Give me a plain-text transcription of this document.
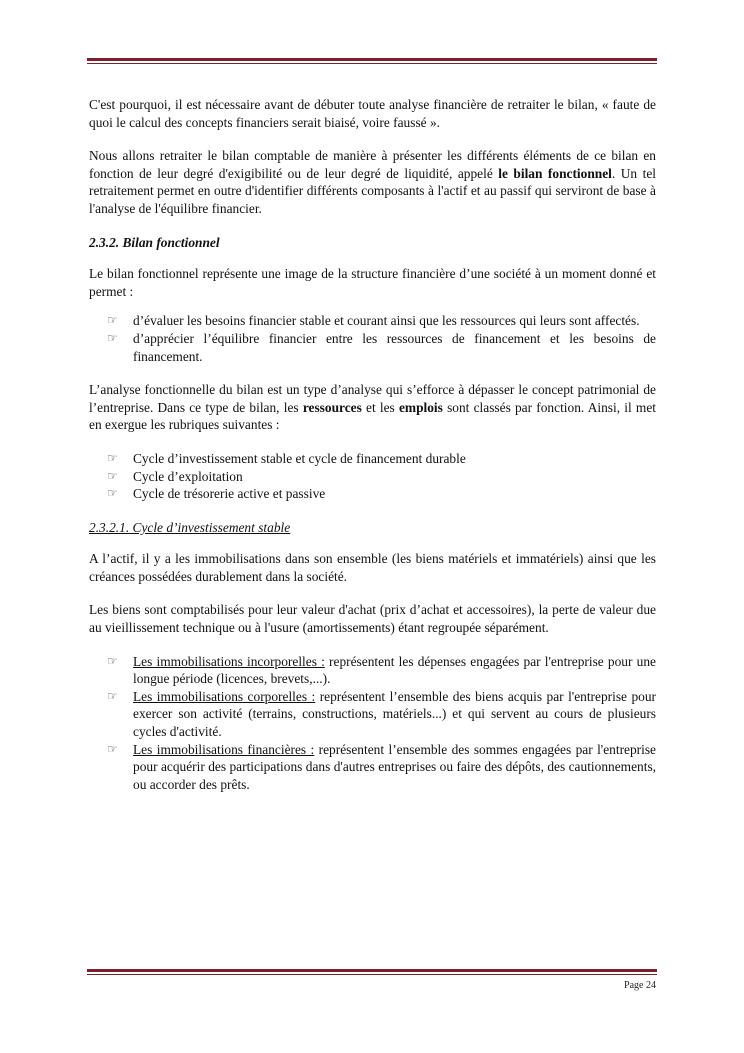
C'est pourquoi, il est nécessaire avant de débuter toute analyse financière de retraiter le bilan, « faute de quoi le calcul des concepts financiers serait biaisé, voire faussé ».

Nous allons retraiter le bilan comptable de manière à présenter les différents éléments de ce bilan en fonction de leur degré d'exigibilité ou de leur degré de liquidité, appelé le bilan fonctionnel. Un tel retraitement permet en outre d'identifier différents composants à l'actif et au passif qui serviront de base à l'analyse de l'équilibre financier.

2.3.2. Bilan fonctionnel

Le bilan fonctionnel représente une image de la structure financière d’une société à un moment donné et permet :

☞ d’évaluer les besoins financier stable et courant ainsi que les ressources qui leurs sont affectés.
☞ d’apprécier l’équilibre financier entre les ressources de financement et les besoins de financement.

L’analyse fonctionnelle du bilan est un type d’analyse qui s’efforce à dépasser le concept patrimonial de l’entreprise. Dans ce type de bilan, les ressources et les emplois sont classés par fonction. Ainsi, il met en exergue les rubriques suivantes :

☞ Cycle d’investissement stable et cycle de financement durable
☞ Cycle d’exploitation
☞ Cycle de trésorerie active et passive
2.3.2.1. Cycle d’investissement stable

A l’actif, il y a les immobilisations dans son ensemble (les biens matériels et immatériels) ainsi que les créances possédées durablement dans la société.

Les biens sont comptabilisés pour leur valeur d'achat (prix d’achat et accessoires), la perte de valeur due au vieillissement technique ou à l'usure (amortissements) étant regroupée séparément.

☞ Les immobilisations incorporelles : représentent les dépenses engagées par l'entreprise pour une longue période (licences, brevets,...).
☞ Les immobilisations corporelles : représentent l’ensemble des biens acquis par l'entreprise pour exercer son activité (terrains, constructions, matériels...) et qui servent au cours de plusieurs cycles d'activité.
☞ Les immobilisations financières : représentent l’ensemble des sommes engagées par l'entreprise pour acquérir des participations dans d'autres entreprises ou faire des dépôts, des cautionnements, ou accorder des prêts.
Page 24
